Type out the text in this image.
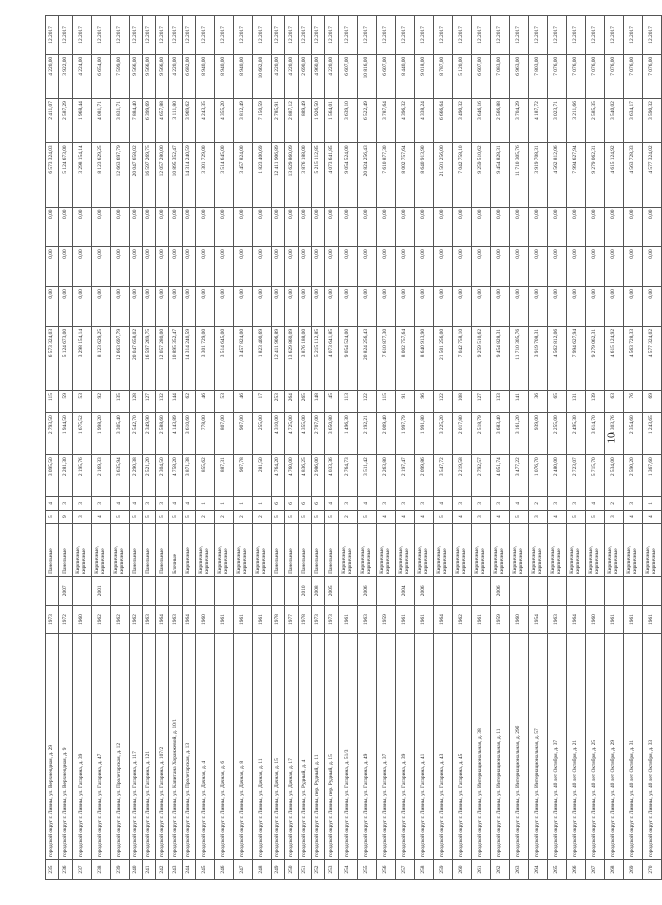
235	городской округ г. Ливны, ул. Верхнеядная, д. 29	1973		Панельные	5	4	3 095,50	2 793,50	115	6 573 324,03	0,00	0,00	0,00	6 573 324,03	2 411,07	4 220,00	12.2017
236	городской округ г. Ливны, ул. Верхнеядная, д. 9	1972	2007	Панельные	9	3	2 281,30	1 944,50	59	5 124 673,00	0,00	0,00	0,00	5 124 673,00	2 587,29	3 922,00	12.2017
237	городской округ г. Ливны, ул. Гагарина, д. 39	1960		Кирпичные, кирпичные	3	3	2 195,76	1 675,52	53	3 298 154,14	0,00	0,00	0,00	3 298 154,14	1 968,44	4 224,00	12.2017
238	городской округ г. Ливны, ул. Гагарина, д. 47	1962	2001	Кирпичные, кирпичные	4	3	2 169,33	1 998,20	92	8 123 629,25	0,00	0,00	0,00	8 123 629,25	4 081,71	6 654,00	12.2017
239	городской округ г. Ливны, ул. Пролетарская, д. 12	1962		Кирпичные, кирпичные	5	4	3 635,94	3 305,40	135	12 663 697,79	0,00	0,00	0,00	12 663 697,79	3 831,71	7 599,00	12.2017
240	городской округ г. Ливны, ул. Гагарина, д. 117	1962		Панельные	5	4	2 290,38	2 542,70	128	20 047 658,02	0,00	0,00	0,00	20 047 658,02	7 884,40	9 566,00	12.2017
241	городской округ г. Ливны, ул. Гагарина, д. 121	1963		Панельные	5	3	2 521,20	2 349,90	127	16 597 269,75	0,00	0,00	0,00	16 597 269,75	6 399,69	9 566,00	12.2017
242	городской округ г. Ливны, ул. Гагарина, д. 107/2	1964		Панельные	5	3	2 304,50	2 588,60	132	12 057 280,00	0,00	0,00	0,00	12 057 280,00	4 657,88	9 566,00	12.2017
243	городской округ г. Ливны, ул. Капитана Хоранжевой, д. 10/1	1963		Блочные	5	4	4 758,20	4 143,89	144	10 895 352,47	0,00	0,00	0,00	10 895 352,47	3 111,80	4 220,00	12.2017
244	городской округ г. Ливны, ул. Пролетарская, д. 13	1964		Кирпичные	5	4	3 871,38	3 610,60	62	14 314 240,59	0,00	0,00	0,00	14 314 240,59	3 969,62	6 682,00	12.2017
245	городской округ г. Ливны, ул. Дачная, д. 4	1960		Кирпичные, кирпичные	2	1	855,62	778,00	46	3 301 729,00	0,00	0,00	0,00	3 301 729,00	4 243,35	8 940,00	12.2017
246	городской округ г. Ливны, ул. Дачная, д. 6	1961		Кирпичные, кирпичные	2	1	887,31	807,00	53	3 514 645,00	0,00	0,00	0,00	3 514 645,00	4 355,20	8 940,00	12.2017
247	городской округ г. Ливны, ул. Дачная, д. 8	1961		Кирпичные, кирпичные	2	1	907,78	907,00	46	3 457 824,00	0,00	0,00	0,00	3 457 824,00	3 812,49	8 940,00	12.2017
248	городской округ г. Ливны, ул. Дачная, д. 11	1961		Кирпичные, кирпичные	2	1	281,50	255,00	17	1 823 400,69	0,00	0,00	0,00	1 823 400,69	7 150,59	10 662,00	12.2017
249	городской округ г. Ливны, ул. Дачная, д. 15	1978		Панельные	5	6	4 764,20	4 310,00	253	12 411 906,89	0,00	0,00	0,00	12 411 906,89	2 785,91	4 220,00	12.2017
250	городской округ г. Ливны, ул. Дачная, д. 17	1977		Панельные	5	6	4 760,00	4 725,00	264	13 629 860,09	0,00	0,00	0,00	13 629 860,09	2 887,12	4 220,00	12.2017
251	городской округ г. Ливны, ул. Рудный, д. 4	1978	2010	Панельные	5	6	4 836,25	4 355,00	265	3 876 188,00	0,00	0,00	0,00	3 876 188,00	889,49	2 690,00	12.2017
252	городской округ г. Ливны, пер. Рудный, д. 11	1973	2008	Панельные	5	6	2 986,00	2 707,00	148	5 215 112,85	0,00	0,00	0,00	5 215 112,85	1 926,50	4 960,00	12.2017
253	городской округ г. Ливны, пер. Рудный, д. 15	1973	2005	Панельные	5	4	4 033,36	3 650,80	45	4 073 641,85	0,00	0,00	0,00	4 073 641,85	1 564,01	4 220,00	12.2017
254	городской округ г. Ливны, ул. Гагарина, д. 51/3	1961		Кирпичные, кирпичные	2	3	2 764,73	1 496,30	113	9 054 524,00	0,00	0,00	0,00	9 054 524,00	3 639,10	6 607,00	12.2017
255	городской округ г. Ливны, ул. Гагарина, д. 49	1963	2006	Кирпичные, кирпичные	5	4	3 511,42	2 192,21	122	20 824 256,43	0,00	0,00	0,00	20 824 256,43	6 522,49	10 816,00	12.2017
256	городской округ г. Ливны, ул. Гагарина, д. 37	1959		Кирпичные, кирпичные	4	3	2 263,80	2 009,40	115	7 610 877,30	0,00	0,00	0,00	7 610 877,30	3 787,64	6 607,00	12.2017
257	городской округ г. Ливны, ул. Гагарина, д. 39	1961	2004	Кирпичные, кирпичные	4	3	2 197,47	1 997,79	91	8 002 757,64	0,00	0,00	0,00	8 002 757,64	4 396,32	8 440,00	12.2017
258	городской округ г. Ливны, ул. Гагарина, д. 41	1961	2006	Кирпичные, кирпичные	4	3	2 099,86	1 991,80	96	8 640 913,90	0,00	0,00	0,00	8 640 913,90	4 338,24	9 018,00	12.2017
259	городской округ г. Ливны, ул. Гагарина, д. 43	1964		Кирпичные, кирпичные	5	4	3 547,72	3 225,20	122	21 501 256,00	0,00	0,00	0,00	21 501 256,00	6 666,64	8 787,00	12.2017
260	городской округ г. Ливны, ул. Гагарина, д. 45	1962		Кирпичные, кирпичные	4	3	2 219,58	2 017,80	108	7 042 758,10	0,00	0,00	0,00	7 042 758,10	3 490,32	5 120,00	12.2017
261	городской округ г. Ливны, ул. Интернациональная, д. 38	1961		Кирпичные, кирпичные	3	3	2 792,57	2 518,79	127	9 259 510,62	0,00	0,00	0,00	9 259 510,62	3 646,16	6 607,00	12.2017
262	городской округ г. Ливны, ул. Интернациональная, д. 11	1959	2006	Кирпичные, кирпичные	4	3	4 051,74	3 683,40	133	9 454 828,31	0,00	0,00	0,00	9 454 828,31	2 566,88	7 083,00	12.2017
263	городской округ г. Ливны, ул. Интернациональная, д. 29б	1960		Кирпичные, кирпичные	5	4	3 477,22	3 161,20	141	11 710 305,76	0,00	0,00	0,00	11 710 305,76	3 704,29	6 963,00	12.2017
264	городской округ г. Ливны, ул. Интернациональная, д. 57	1954		Кирпичные, кирпичные	3	2	1 076,70	939,00	36	3 919 708,31	0,00	0,00	0,00	3 919 708,31	4 187,72	7 803,00	12.2017
265	городской округ г. Ливны, ул. 40 лет Октября, д. 37	1963		Кирпичные, кирпичные	4	3	2 480,00	2 255,00	65	4 562 812,06	0,00	0,00	0,00	4 562 812,06	3 023,71	7 076,00	12.2017
266	городской округ г. Ливны, ул. 40 лет Октября, д. 21	1964		Кирпичные, кирпичные	5	3	2 723,07	2 495,30	131	7 994 627,94	0,00	0,00	0,00	7 994 627,94	3 211,66	7 076,00	12.2017
267	городской округ г. Ливны, ул. 40 лет Октября, д. 25	1960		Кирпичные, кирпичные	5	4	5 715,70	3 614,70	139	9 279 062,31	0,00	0,00	0,00	9 279 062,31	2 585,35	7 076,00	12.2017
268	городской округ г. Ливны, ул. 40 лет Октября, д. 29	1961		Кирпичные, кирпичные	3	2	2 534,00	1 303,76	63	4 615 124,92	0,00	0,00	0,00	4 615 124,92	3 540,02	7 076,00	12.2017
269	городской округ г. Ливны, ул. 40 лет Октября, д. 31	1961		Кирпичные, кирпичные	4	3	2 590,20	2 354,60	76	4 563 728,33	0,00	0,00	0,00	4 563 728,33	3 634,17	7 076,00	12.2017
270	городской округ г. Ливны, ул. 40 лет Октября, д. 33	1961		Кирпичные, кирпичные	4	1	1 367,60	1 243,65	69	4 577 324,02	0,00	0,00	0,00	4 577 324,02	3 590,32	7 076,00	12.2017
10
